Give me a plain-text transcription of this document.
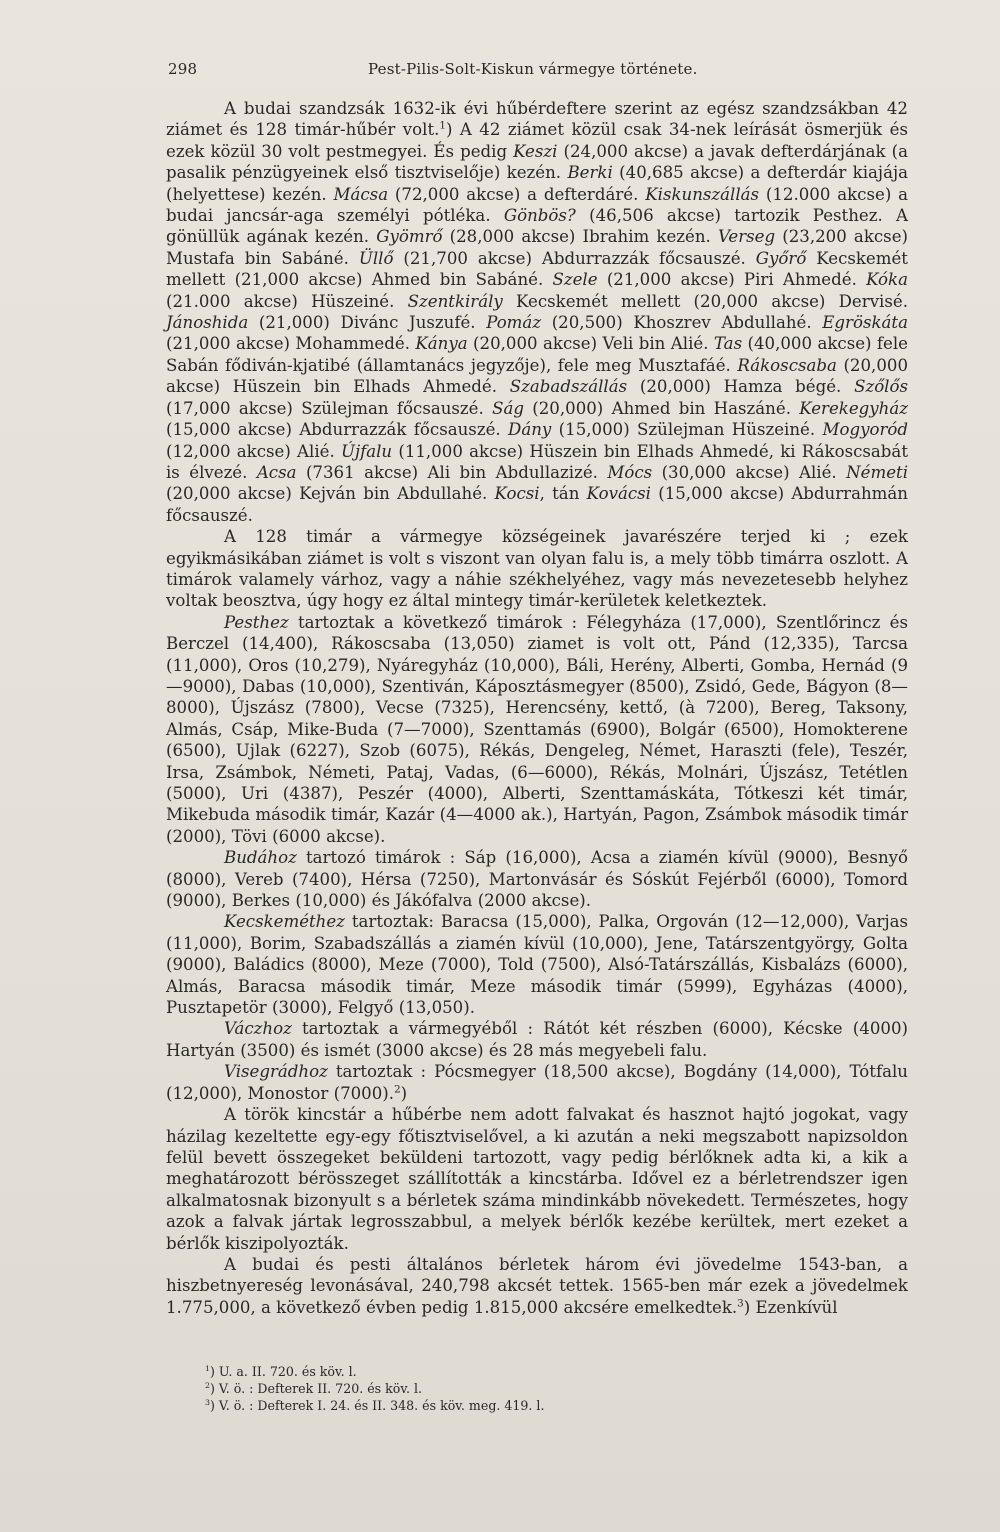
298	Pest-Pilis-Solt-Kiskun vármegye története.

A budai szandzsák 1632-ik évi hűbérdeftere szerint az egész szandzsákban 42 ziámet és 128 timár-hűbér volt.$^1$) A 42 ziámet közül csak 34-nek leírását ösmerjük és ezek közül 30 volt pestmegyei. És pedig Keszi (24,000 akcse) a javak defterdárjának (a pasalik pénzügyeinek első tisztviselője) kezén. Berki (40,685 akcse) a defterdár kiajája (helyettese) kezén. Mácsa (72,000 akcse) a defterdáré. Kiskunszállás (12.000 akcse) a budai jancsár-aga személyi pótléka. Gönbös? (46,506 akcse) tartozik Pesthez. A gönüllük agának kezén. Gyömrő (28,000 akcse) Ibrahim kezén. Verseg (23,200 akcse) Mustafa bin Sabáné. Üllő (21,700 akcse) Abdurrazzák főcsauszé. Győrő Kecskemét mellett (21,000 akcse) Ahmed bin Sabáné. Szele (21,000 akcse) Piri Ahmedé. Kóka (21.000 akcse) Hüszeiné. Szentkirály Kecskemét mellett (20,000 akcse) Dervisé. Jánoshida (21,000) Divánc Juszufé. Pomáz (20,500) Khoszrev Abdullahé. Egröskáta (21,000 akcse) Mohammedé. Kánya (20,000 akcse) Veli bin Alié. Tas (40,000 akcse) fele Sabán fődiván-kjatibé (államtanács jegyzője), fele meg Musztafáé. Rákoscsaba (20,000 akcse) Hüszein bin Elhads Ahmedé. Szabadszállás (20,000) Hamza bégé. Szőlős (17,000 akcse) Szülejman főcsauszé. Ság (20,000) Ahmed bin Haszáné. Kerekegyház (15,000 akcse) Abdurrazzák főcsauszé. Dány (15,000) Szülejman Hüszeiné. Mogyoród (12,000 akcse) Alié. Újfalu (11,000 akcse) Hüszein bin Elhads Ahmedé, ki Rákoscsabát is élvezé. Acsa (7361 akcse) Ali bin Abdullazizé. Mócs (30,000 akcse) Alié. Németi (20,000 akcse) Kejván bin Abdullahé. Kocsi, tán Kovácsi (15,000 akcse) Abdurrahmán főcsauszé.

A 128 timár a vármegye községeinek javarészére terjed ki ; ezek egyikmásikában ziámet is volt s viszont van olyan falu is, a mely több timárra oszlott. A timárok valamely várhoz, vagy a náhie székhelyéhez, vagy más nevezetesebb helyhez voltak beosztva, úgy hogy ez által mintegy timár-kerületek keletkeztek.

Pesthez tartoztak a következő timárok : Félegyháza (17,000), Szentlőrincz és Berczel (14,400), Rákoscsaba (13,050) ziamet is volt ott, Pánd (12,335), Tarcsa (11,000), Oros (10,279), Nyáregyház (10,000), Báli, Herény, Alberti, Gomba, Hernád (9—9000), Dabas (10,000), Szentiván, Káposztásmegyer (8500), Zsidó, Gede, Bágyon (8—8000), Újszász (7800), Vecse (7325), Herencsény, kettő, (à 7200), Bereg, Taksony, Almás, Csáp, Mike-Buda (7—7000), Szenttamás (6900), Bolgár (6500), Homokterene (6500), Ujlak (6227), Szob (6075), Rékás, Dengeleg, Német, Haraszti (fele), Teszér, Irsa, Zsámbok, Németi, Pataj, Vadas, (6—6000), Rékás, Molnári, Újszász, Tetétlen (5000), Uri (4387), Peszér (4000), Alberti, Szenttamáskáta, Tótkeszi két timár, Mikebuda második timár, Kazár (4—4000 ak.), Hartyán, Pagon, Zsámbok második timár (2000), Tövi (6000 akcse).

Budához tartozó timárok : Sáp (16,000), Acsa a ziamén kívül (9000), Besnyő (8000), Vereb (7400), Hérsa (7250), Martonvásár és Sóskút Fejérből (6000), Tomord (9000), Berkes (10,000) és Jákófalva (2000 akcse).

Kecskeméthez tartoztak: Baracsa (15,000), Palka, Orgován (12—12,000), Varjas (11,000), Borim, Szabadszállás a ziamén kívül (10,000), Jene, Tatárszentgyörgy, Golta (9000), Baládics (8000), Meze (7000), Told (7500), Alsó-Tatárszállás, Kisbalázs (6000), Almás, Baracsa második timár, Meze második timár (5999), Egyházas (4000), Pusztapetör (3000), Felgyő (13,050).

Váczhoz tartoztak a vármegyéből : Rátót két részben (6000), Kécske (4000) Hartyán (3500) és ismét (3000 akcse) és 28 más megyebeli falu.

Visegrádhoz tartoztak : Pócsmegyer (18,500 akcse), Bogdány (14,000), Tótfalu (12,000), Monostor (7000).$^2$)

A török kincstár a hűbérbe nem adott falvakat és hasznot hajtó jogokat, vagy házilag kezeltette egy-egy főtisztviselővel, a ki azután a neki megszabott napizsoldon felül bevett összegeket beküldeni tartozott, vagy pedig bérlőknek adta ki, a kik a meghatározott bérösszeget szállították a kincstárba. Idővel ez a bérletrendszer igen alkalmatosnak bizonyult s a bérletek száma mindinkább növekedett. Természetes, hogy azok a falvak jártak legrosszabbul, a melyek bérlők kezébe kerültek, mert ezeket a bérlők kiszipolyozták.

A budai és pesti általános bérletek három évi jövedelme 1543-ban, a hiszbetnyereség levonásával, 240,798 akcsét tettek. 1565-ben már ezek a jövedelmek 1.775,000, a következő évben pedig 1.815,000 akcsére emelkedtek.$^3$) Ezenkívül

$^1$) U. a. II. 720. és köv. l.
$^2$) V. ö. : Defterek II. 720. és köv. l.
$^3$) V. ö. : Defterek I. 24. és II. 348. és köv. meg. 419. l.
